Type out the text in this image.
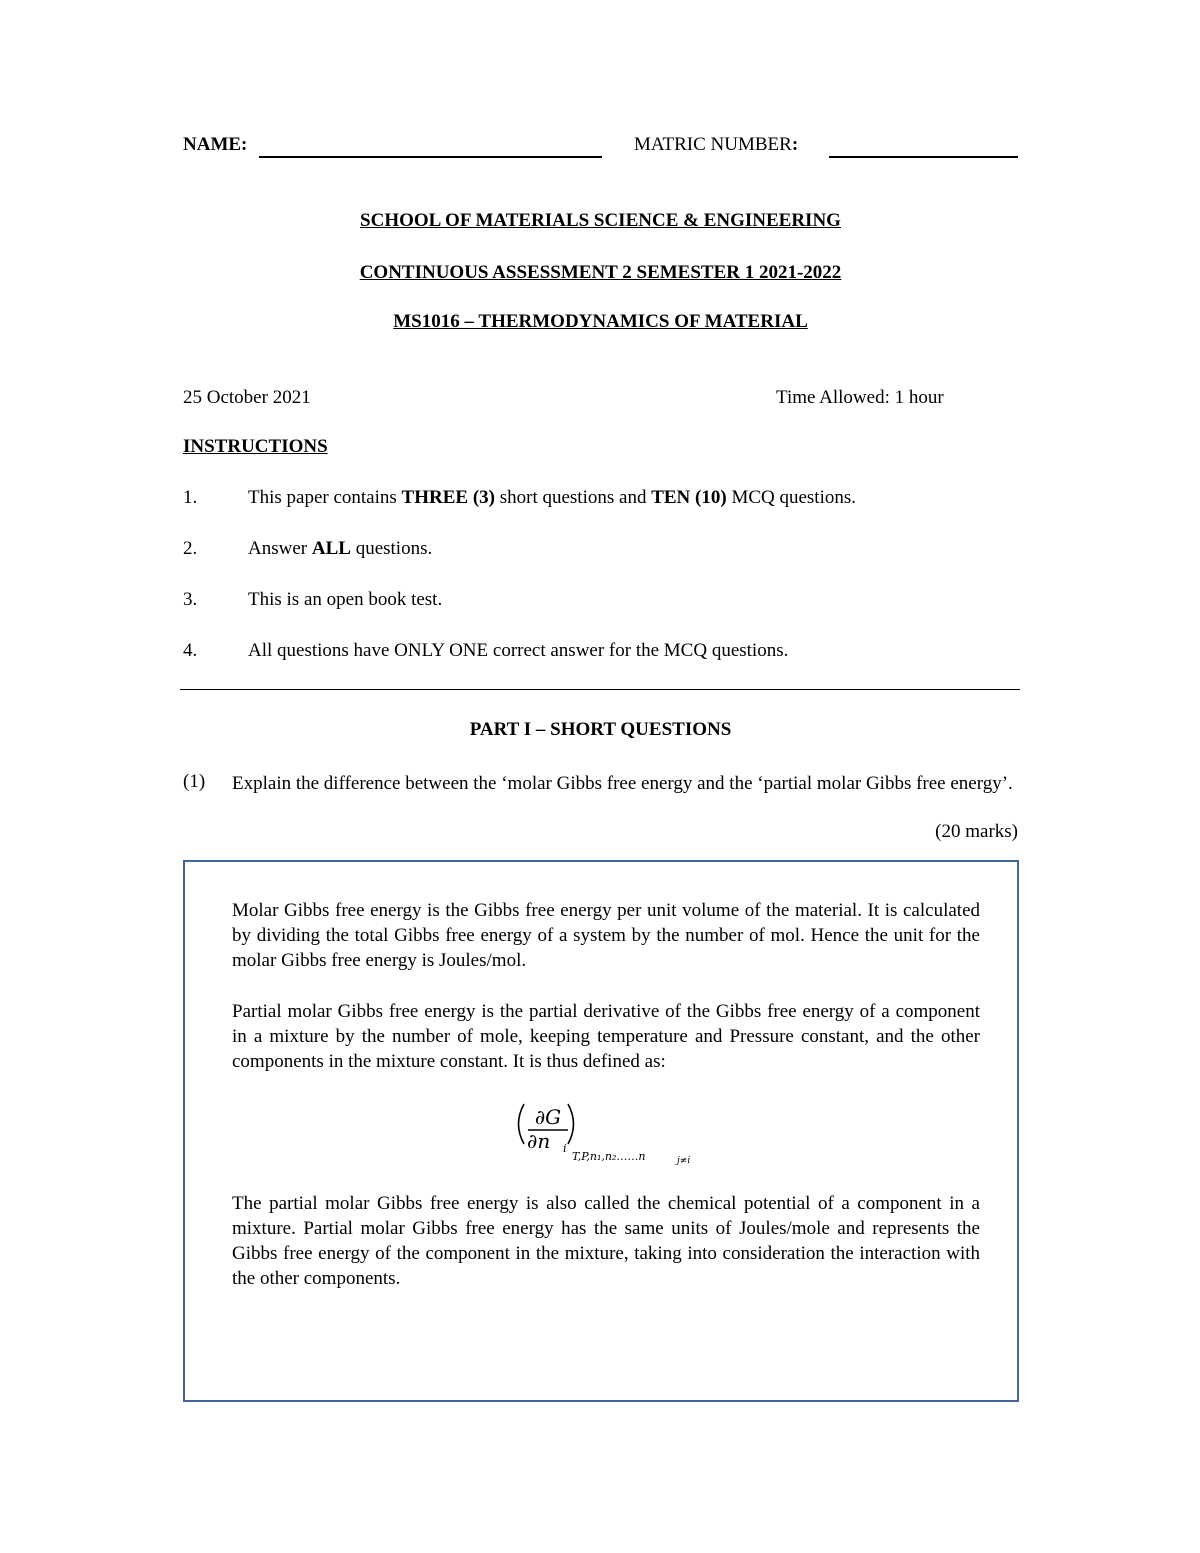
NAME:	MATRIC NUMBER:
SCHOOL OF MATERIALS SCIENCE & ENGINEERING
CONTINUOUS ASSESSMENT 2 SEMESTER 1 2021-2022
MS1016 – THERMODYNAMICS OF MATERIAL
25 October 2021	Time Allowed: 1 hour
INSTRUCTIONS
1.	This paper contains THREE (3) short questions and TEN (10) MCQ questions.
2.	Answer ALL questions.
3.	This is an open book test.
4.	All questions have ONLY ONE correct answer for the MCQ questions.
PART I – SHORT QUESTIONS
(1) Explain the difference between the ‘molar Gibbs free energy and the ‘partial molar Gibbs free energy’.
(20 marks)
Molar Gibbs free energy is the Gibbs free energy per unit volume of the material. It is calculated by dividing the total Gibbs free energy of a system by the number of mol. Hence the unit for the molar Gibbs free energy is Joules/mol.
Partial molar Gibbs free energy is the partial derivative of the Gibbs free energy of a component in a mixture by the number of mole, keeping temperature and Pressure constant, and the other components in the mixture constant. It is thus defined as:
∂G
∂n i
T,P,n₁,n₂……n	j≠i
The partial molar Gibbs free energy is also called the chemical potential of a component in a mixture. Partial molar Gibbs free energy has the same units of Joules/mole and represents the Gibbs free energy of the component in the mixture, taking into consideration the interaction with the other components.
